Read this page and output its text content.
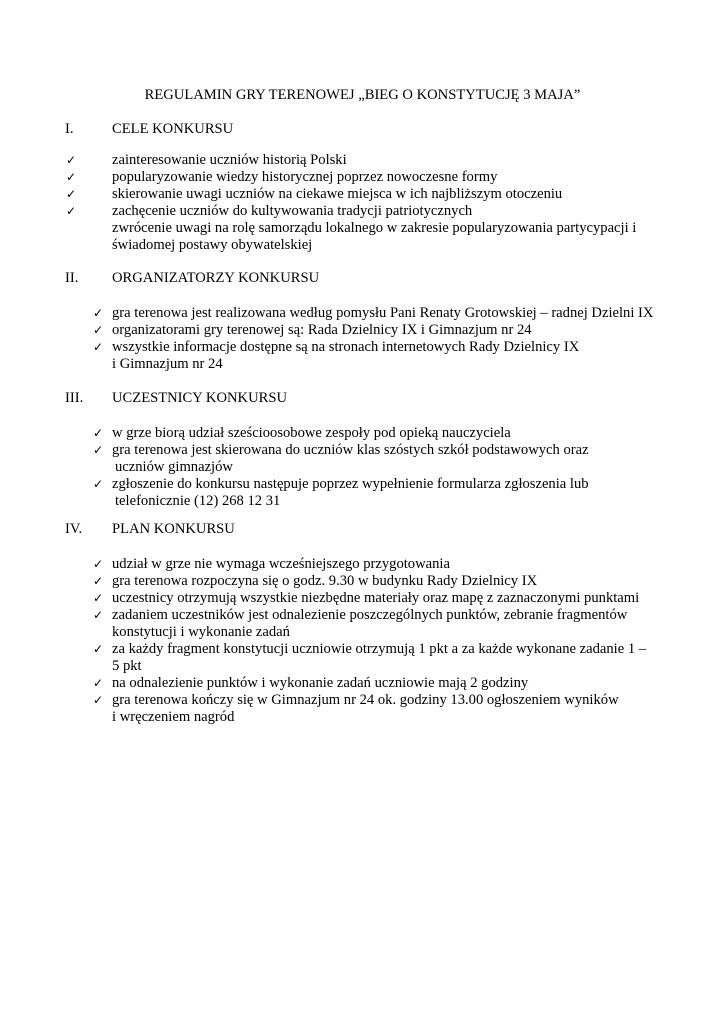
REGULAMIN GRY TERENOWEJ „BIEG O KONSTYTUCJĘ 3 MAJA”
I.	CELE KONKURSU
✓ zainteresowanie uczniów historią Polski
✓ popularyzowanie wiedzy historycznej poprzez nowoczesne formy
✓ skierowanie uwagi uczniów na ciekawe miejsca w ich najbliższym otoczeniu
✓ zachęcenie uczniów do kultywowania tradycji patriotycznych
zwrócenie uwagi na rolę samorządu lokalnego w zakresie popularyzowania partycypacji i
świadomej postawy obywatelskiej
II. ORGANIZATORZY KONKURSU
✓ gra terenowa jest realizowana według pomysłu Pani Renaty Grotowskiej – radnej Dzielni IX
✓ organizatorami gry terenowej są: Rada Dzielnicy IX i Gimnazjum nr 24
✓ wszystkie informacje dostępne są na stronach internetowych Rady Dzielnicy IX
i Gimnazjum nr 24
III. UCZESTNICY KONKURSU
✓ w grze biorą udział sześcioosobowe zespoły pod opieką nauczyciela
✓ gra terenowa jest skierowana do uczniów klas szóstych szkół podstawowych oraz
uczniów gimnazjów
✓ zgłoszenie do konkursu następuje poprzez wypełnienie formularza zgłoszenia lub
telefonicznie (12) 268 12 31
IV. PLAN KONKURSU
✓ udział w grze nie wymaga wcześniejszego przygotowania
✓ gra terenowa rozpoczyna się o godz. 9.30 w budynku Rady Dzielnicy IX
✓ uczestnicy otrzymują wszystkie niezbędne materiały oraz mapę z zaznaczonymi punktami
✓ zadaniem uczestników jest odnalezienie poszczególnych punktów, zebranie fragmentów
konstytucji i wykonanie zadań
✓ za każdy fragment konstytucji uczniowie otrzymują 1 pkt a za każde wykonane zadanie 1 –
5 pkt
✓ na odnalezienie punktów i wykonanie zadań uczniowie mają 2 godziny
✓ gra terenowa kończy się w Gimnazjum nr 24 ok. godziny 13.00 ogłoszeniem wyników
i wręczeniem nagród
